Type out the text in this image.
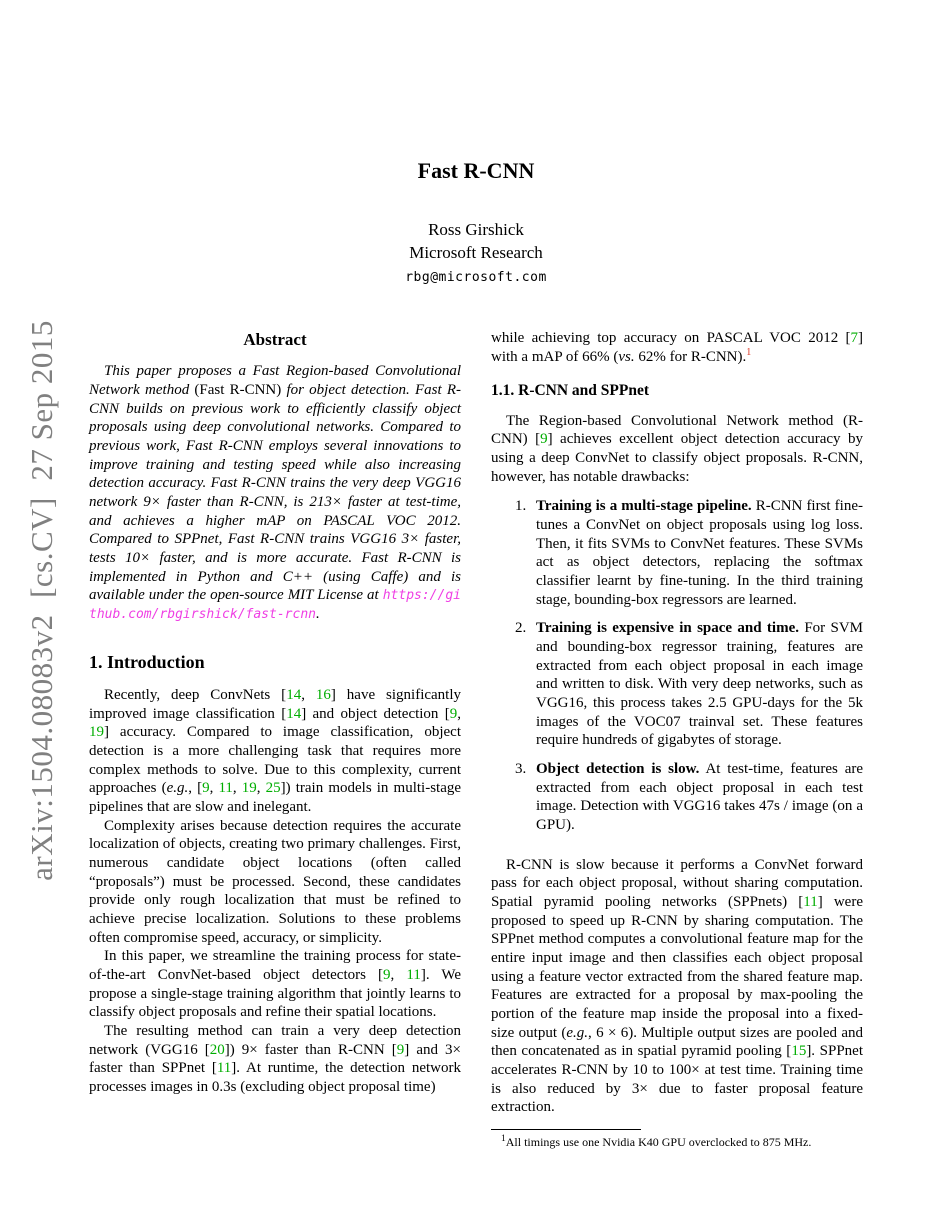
arXiv:1504.08083v2  [cs.CV]  27 Sep 2015

Fast R-CNN
Ross Girshick
Microsoft Research
rbg@microsoft.com
Abstract

This paper proposes a Fast Region-based Convolutional Network method (Fast R-CNN) for object detection. Fast R-CNN builds on previous work to efficiently classify object proposals using deep convolutional networks. Compared to previous work, Fast R-CNN employs several innovations to improve training and testing speed while also increasing detection accuracy. Fast R-CNN trains the very deep VGG16 network 9× faster than R-CNN, is 213× faster at test-time, and achieves a higher mAP on PASCAL VOC 2012. Compared to SPPnet, Fast R-CNN trains VGG16 3× faster, tests 10× faster, and is more accurate. Fast R-CNN is implemented in Python and C++ (using Caffe) and is available under the open-source MIT License at https://github.com/rbgirshick/fast-rcnn.

1. Introduction

Recently, deep ConvNets [14, 16] have significantly improved image classification [14] and object detection [9, 19] accuracy. Compared to image classification, object detection is a more challenging task that requires more complex methods to solve. Due to this complexity, current approaches (e.g., [9, 11, 19, 25]) train models in multi-stage pipelines that are slow and inelegant.

Complexity arises because detection requires the accurate localization of objects, creating two primary challenges. First, numerous candidate object locations (often called “proposals”) must be processed. Second, these candidates provide only rough localization that must be refined to achieve precise localization. Solutions to these problems often compromise speed, accuracy, or simplicity.

In this paper, we streamline the training process for state-of-the-art ConvNet-based object detectors [9, 11]. We propose a single-stage training algorithm that jointly learns to classify object proposals and refine their spatial locations.

The resulting method can train a very deep detection network (VGG16 [20]) 9× faster than R-CNN [9] and 3× faster than SPPnet [11]. At runtime, the detection network processes images in 0.3s (excluding object proposal time)

while achieving top accuracy on PASCAL VOC 2012 [7] with a mAP of 66% (vs. 62% for R-CNN).$^1$

1.1. R-CNN and SPPnet

The Region-based Convolutional Network method (R-CNN) [9] achieves excellent object detection accuracy by using a deep ConvNet to classify object proposals. R-CNN, however, has notable drawbacks:

1. Training is a multi-stage pipeline. R-CNN first fine-tunes a ConvNet on object proposals using log loss. Then, it fits SVMs to ConvNet features. These SVMs act as object detectors, replacing the softmax classifier learnt by fine-tuning. In the third training stage, bounding-box regressors are learned.
2. Training is expensive in space and time. For SVM and bounding-box regressor training, features are extracted from each object proposal in each image and written to disk. With very deep networks, such as VGG16, this process takes 2.5 GPU-days for the 5k images of the VOC07 trainval set. These features require hundreds of gigabytes of storage.
3. Object detection is slow. At test-time, features are extracted from each object proposal in each test image. Detection with VGG16 takes 47s / image (on a GPU).

R-CNN is slow because it performs a ConvNet forward pass for each object proposal, without sharing computation. Spatial pyramid pooling networks (SPPnets) [11] were proposed to speed up R-CNN by sharing computation. The SPPnet method computes a convolutional feature map for the entire input image and then classifies each object proposal using a feature vector extracted from the shared feature map. Features are extracted for a proposal by max-pooling the portion of the feature map inside the proposal into a fixed-size output (e.g., 6 × 6). Multiple output sizes are pooled and then concatenated as in spatial pyramid pooling [15]. SPPnet accelerates R-CNN by 10 to 100× at test time. Training time is also reduced by 3× due to faster proposal feature extraction.

$^1$All timings use one Nvidia K40 GPU overclocked to 875 MHz.
